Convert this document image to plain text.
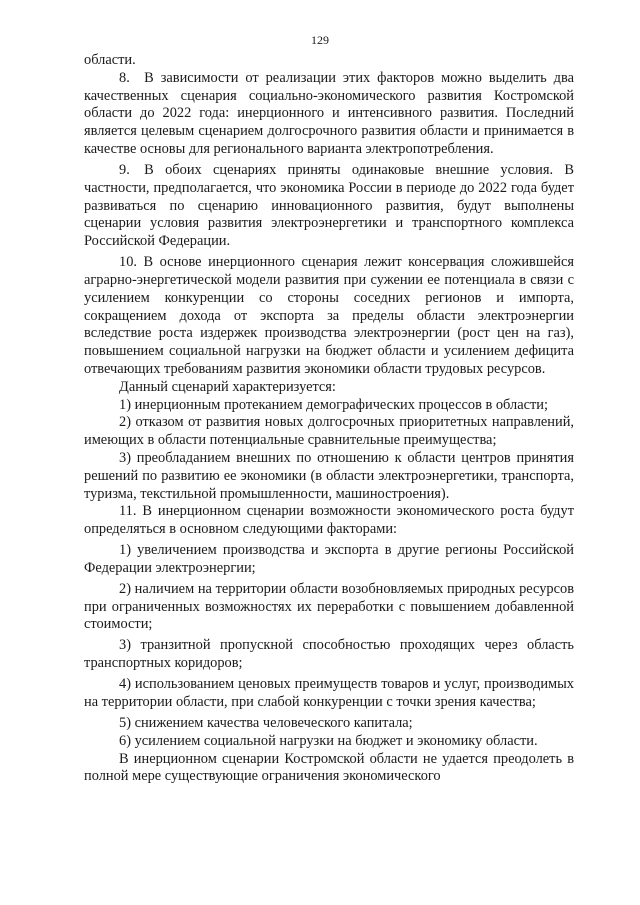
129

области.

8. В зависимости от реализации этих факторов можно выделить два качественных сценария социально-экономического развития Костромской области до 2022 года: инерционного и интенсивного развития. Последний является целевым сценарием долгосрочного развития области и принимается в качестве основы для регионального варианта электропотребления.

9. В обоих сценариях приняты одинаковые внешние условия. В частности, предполагается, что экономика России в периоде до 2022 года будет развиваться по сценарию инновационного развития, будут выполнены сценарии условия развития электроэнергетики и транспортного комплекса Российской Федерации.

10. В основе инерционного сценария лежит консервация сложившейся аграрно-энергетической модели развития при сужении ее потенциала в связи с усилением конкуренции со стороны соседних регионов и импорта, сокращением дохода от экспорта за пределы области электроэнергии вследствие роста издержек производства электроэнергии (рост цен на газ), повышением социальной нагрузки на бюджет области и усилением дефицита отвечающих требованиям развития экономики области трудовых ресурсов.

Данный сценарий характеризуется:

1) инерционным протеканием демографических процессов в области;

2) отказом от развития новых долгосрочных приоритетных направлений, имеющих в области потенциальные сравнительные преимущества;

3) преобладанием внешних по отношению к области центров принятия решений по развитию ее экономики (в области электроэнергетики, транспорта, туризма, текстильной промышленности, машиностроения).

11. В инерционном сценарии возможности экономического роста будут определяться в основном следующими факторами:

1) увеличением производства и экспорта в другие регионы Российской Федерации электроэнергии;

2) наличием на территории области возобновляемых природных ресурсов при ограниченных возможностях их переработки с повышением добавленной стоимости;

3) транзитной пропускной способностью проходящих через область транспортных коридоров;

4) использованием ценовых преимуществ товаров и услуг, производимых на территории области, при слабой конкуренции с точки зрения качества;

5) снижением качества человеческого капитала;

6) усилением социальной нагрузки на бюджет и экономику области.

В инерционном сценарии Костромской области не удается преодолеть в полной мере существующие ограничения экономического
